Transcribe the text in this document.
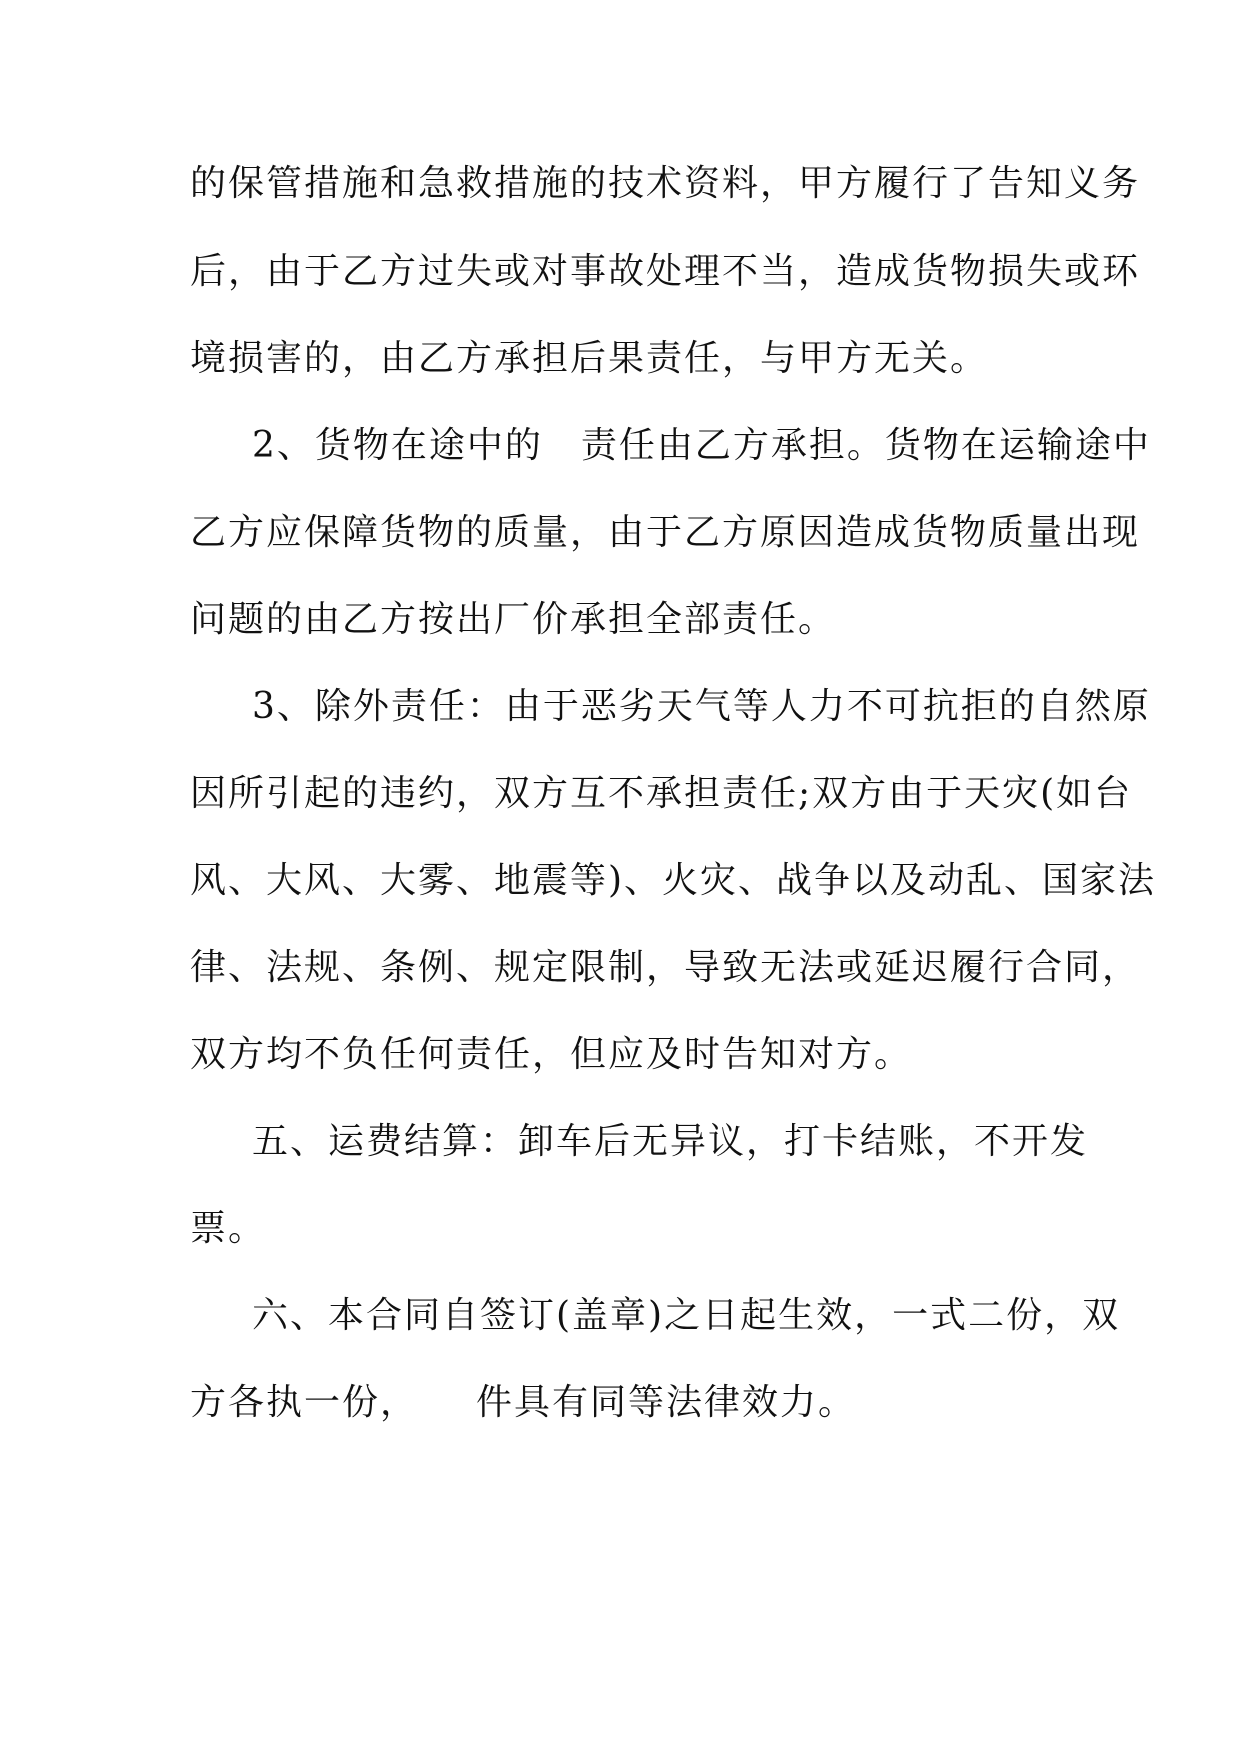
的保管措施和急救措施的技术资料，甲方履行了告知义务
后，由于乙方过失或对事故处理不当，造成货物损失或环
境损害的，由乙方承担后果责任，与甲方无关。
2、货物在途中的　责任由乙方承担。货物在运输途中
乙方应保障货物的质量，由于乙方原因造成货物质量出现
问题的由乙方按出厂价承担全部责任。
3、除外责任：由于恶劣天气等人力不可抗拒的自然原
因所引起的违约，双方互不承担责任;双方由于天灾(如台
风、大风、大雾、地震等)、火灾、战争以及动乱、国家法
律、法规、条例、规定限制，导致无法或延迟履行合同，
双方均不负任何责任，但应及时告知对方。
五、运费结算：卸车后无异议，打卡结账，不开发
票。
六、本合同自签订(盖章)之日起生效，一式二份，双
方各执一份，　　件具有同等法律效力。
